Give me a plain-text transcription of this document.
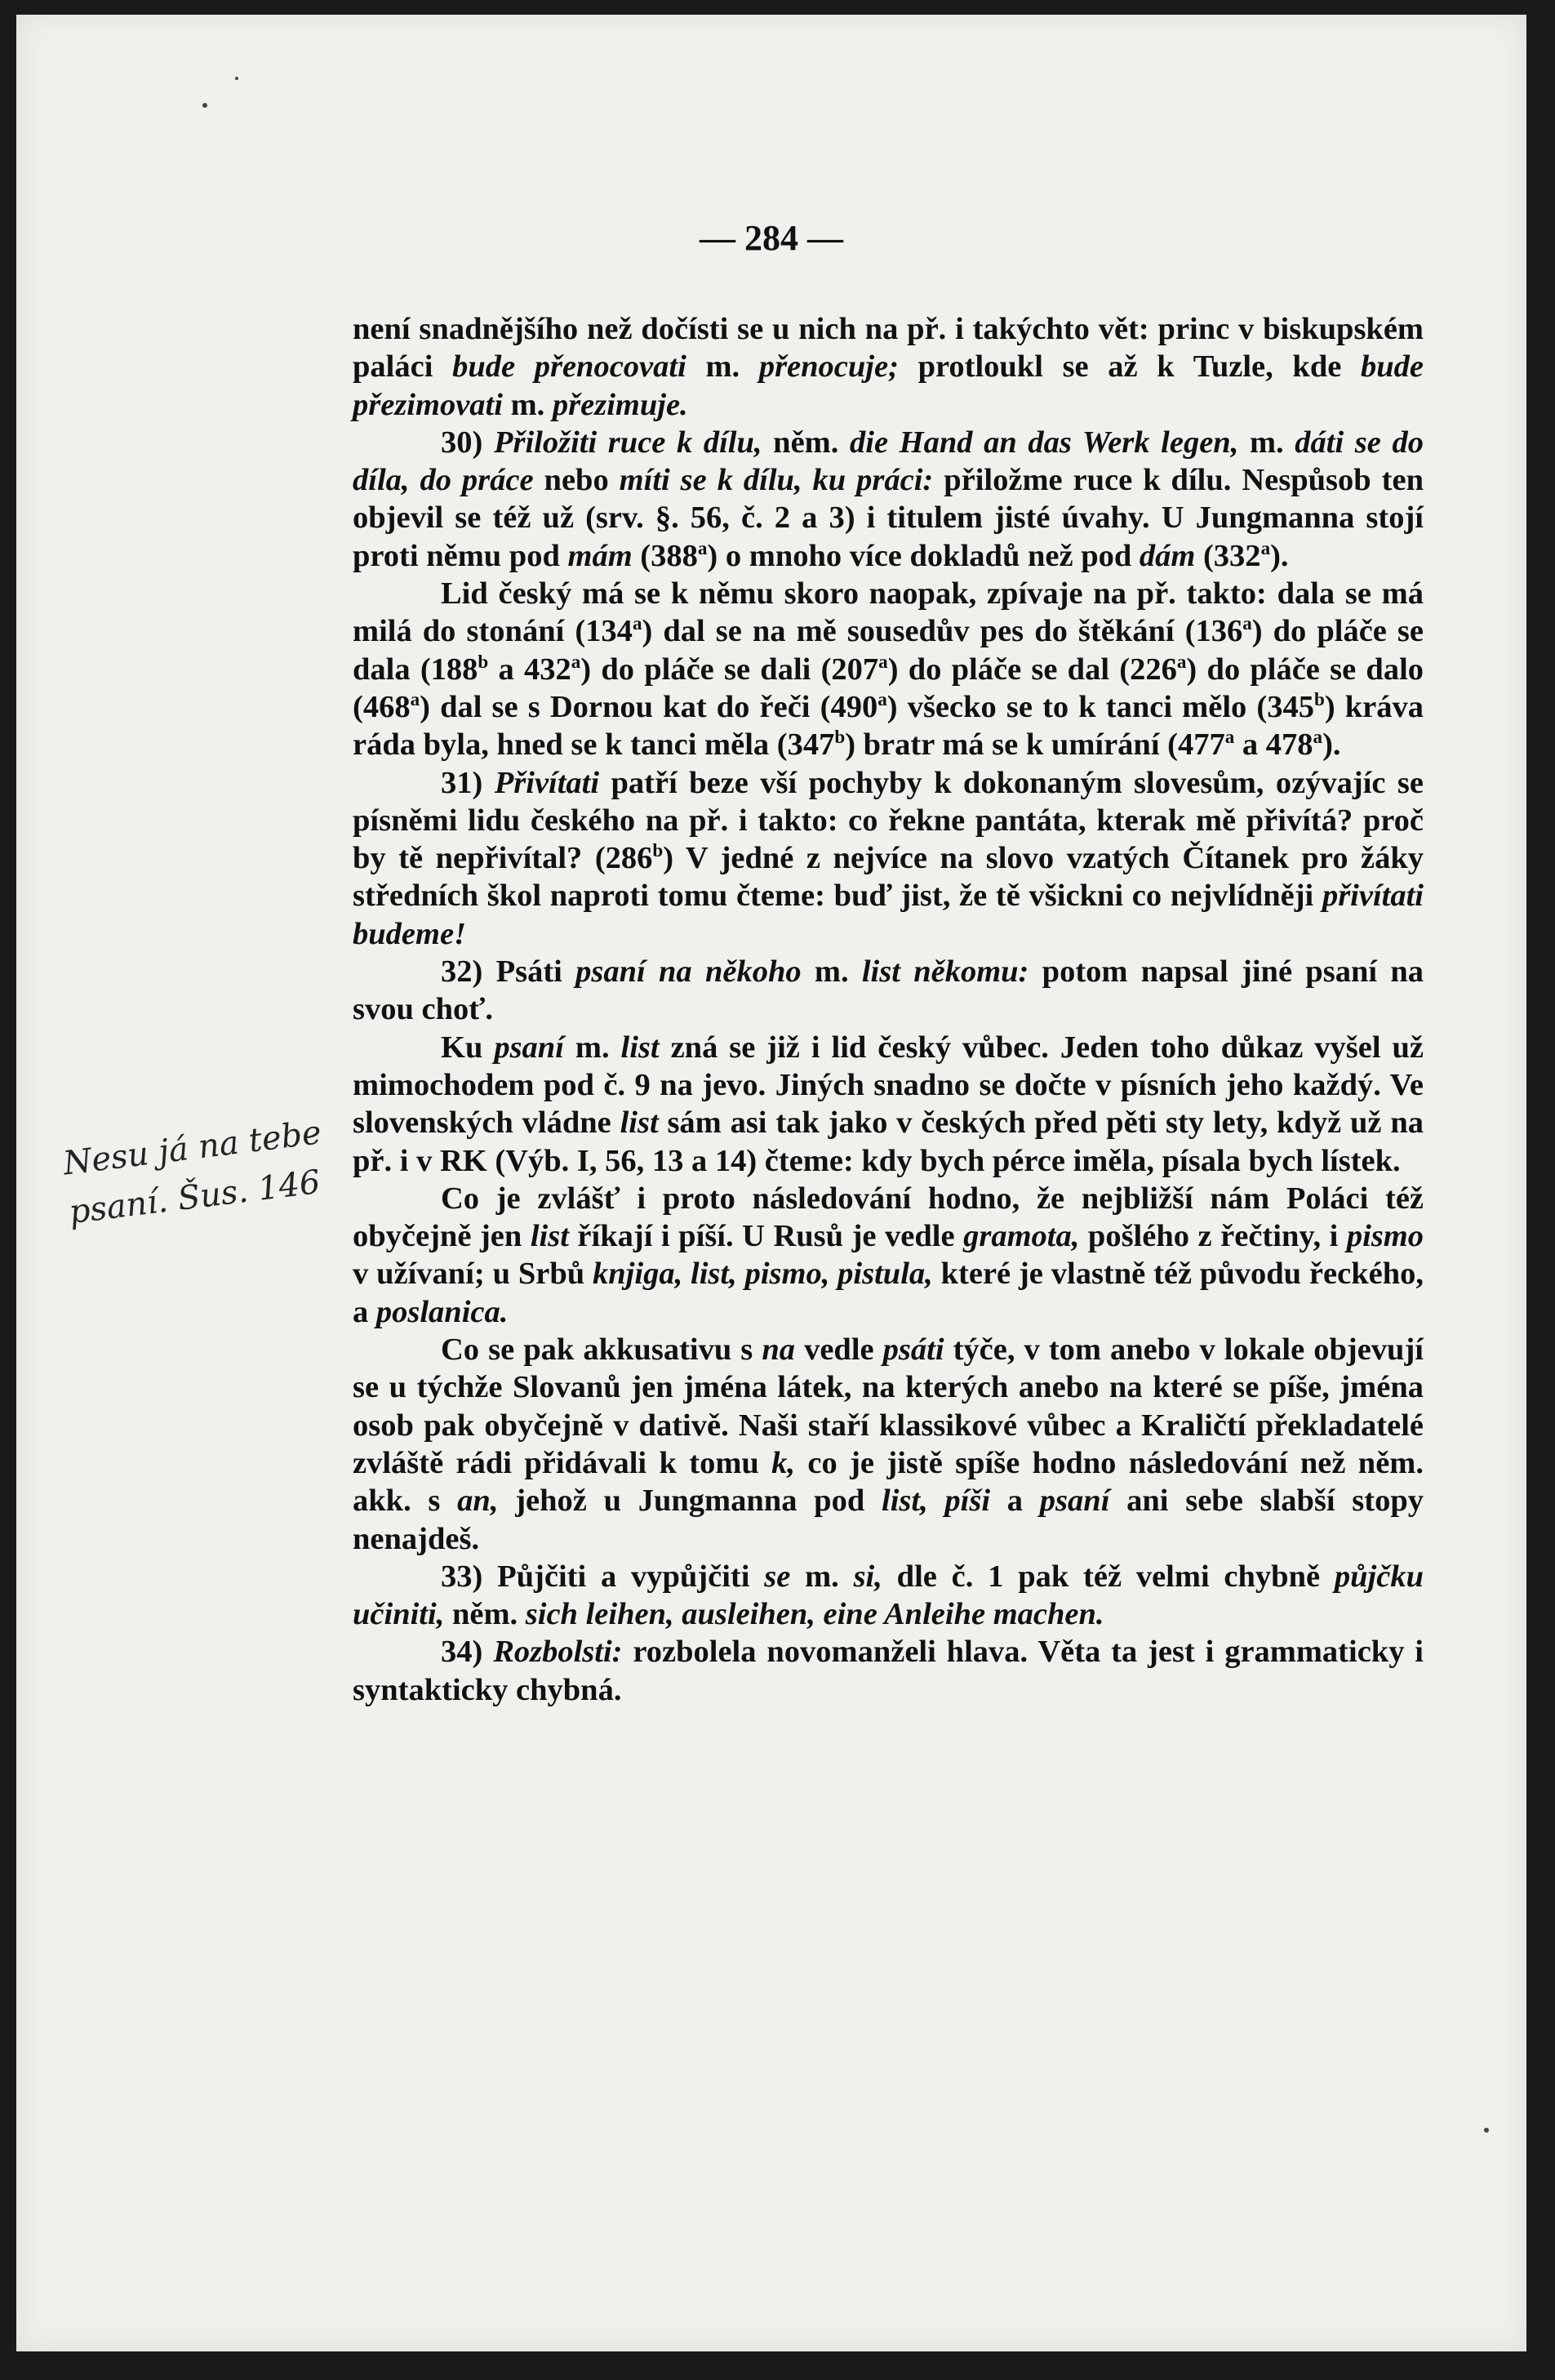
— 284 —

není snadnějšího než dočísti se u nich na př. i takýchto vět: princ v biskupském paláci bude přenocovati m. přenocuje; protloukl se až k Tuzle, kde bude přezimovati m. přezimuje.

30) Přiložiti ruce k dílu, něm. die Hand an das Werk legen, m. dáti se do díla, do práce nebo míti se k dílu, ku práci: přiložme ruce k dílu. Nespůsob ten objevil se též už (srv. §. 56, č. 2 a 3) i titulem jisté úvahy. U Jungmanna stojí proti němu pod mám (388$^a$) o mnoho více dokladů než pod dám (332$^a$).

Lid český má se k němu skoro naopak, zpívaje na př. takto: dala se má milá do stonání (134$^a$) dal se na mě sousedův pes do štěkání (136$^a$) do pláče se dala (188$^b$ a 432$^a$) do pláče se dali (207$^a$) do pláče se dal (226$^a$) do pláče se dalo (468$^a$) dal se s Dornou kat do řeči (490$^a$) všecko se to k tanci mělo (345$^b$) kráva ráda byla, hned se k tanci měla (347$^b$) bratr má se k umírání (477$^a$ a 478$^a$).

31) Přivítati patří beze vší pochyby k dokonaným slovesům, ozývajíc se písněmi lidu českého na př. i takto: co řekne pantáta, kterak mě přivítá? proč by tě nepřivítal? (286$^b$) V jedné z nejvíce na slovo vzatých Čítanek pro žáky středních škol naproti tomu čteme: buď jist, že tě všickni co nejvlídněji přivítati budeme!

32) Psáti psaní na někoho m. list někomu: potom napsal jiné psaní na svou choť.

Ku psaní m. list zná se již i lid český vůbec. Jeden toho důkaz vyšel už mimochodem pod č. 9 na jevo. Jiných snadno se dočte v písních jeho každý. Ve slovenských vládne list sám asi tak jako v českých před pěti sty lety, když už na př. i v RK (Výb. I, 56, 13 a 14) čteme: kdy bych pérce iměla, písala bych lístek.

Co je zvlášť i proto následování hodno, že nejbližší nám Poláci též obyčejně jen list říkají i píší. U Rusů je vedle gramota, pošlého z řečtiny, i pismo v užívaní; u Srbů knjiga, list, pismo, pistula, které je vlastně též původu řeckého, a poslanica.

Co se pak akkusativu s na vedle psáti týče, v tom anebo v lokale objevují se u týchže Slovanů jen jména látek, na kterých anebo na které se píše, jména osob pak obyčejně v dativě. Naši staří klassikové vůbec a Kraličtí překladatelé zvláště rádi přidávali k tomu k, co je jistě spíše hodno následování než něm. akk. s an, jehož u Jungmanna pod list, píši a psaní ani sebe slabší stopy nenajdeš.

33) Půjčiti a vypůjčiti se m. si, dle č. 1 pak též velmi chybně půjčku učiniti, něm. sich leihen, ausleihen, eine Anleihe machen.

34) Rozbolsti: rozbolela novomanželi hlava. Věta ta jest i grammaticky i syntakticky chybná.

Nesu já na tebe
psaní. Šus. 146
